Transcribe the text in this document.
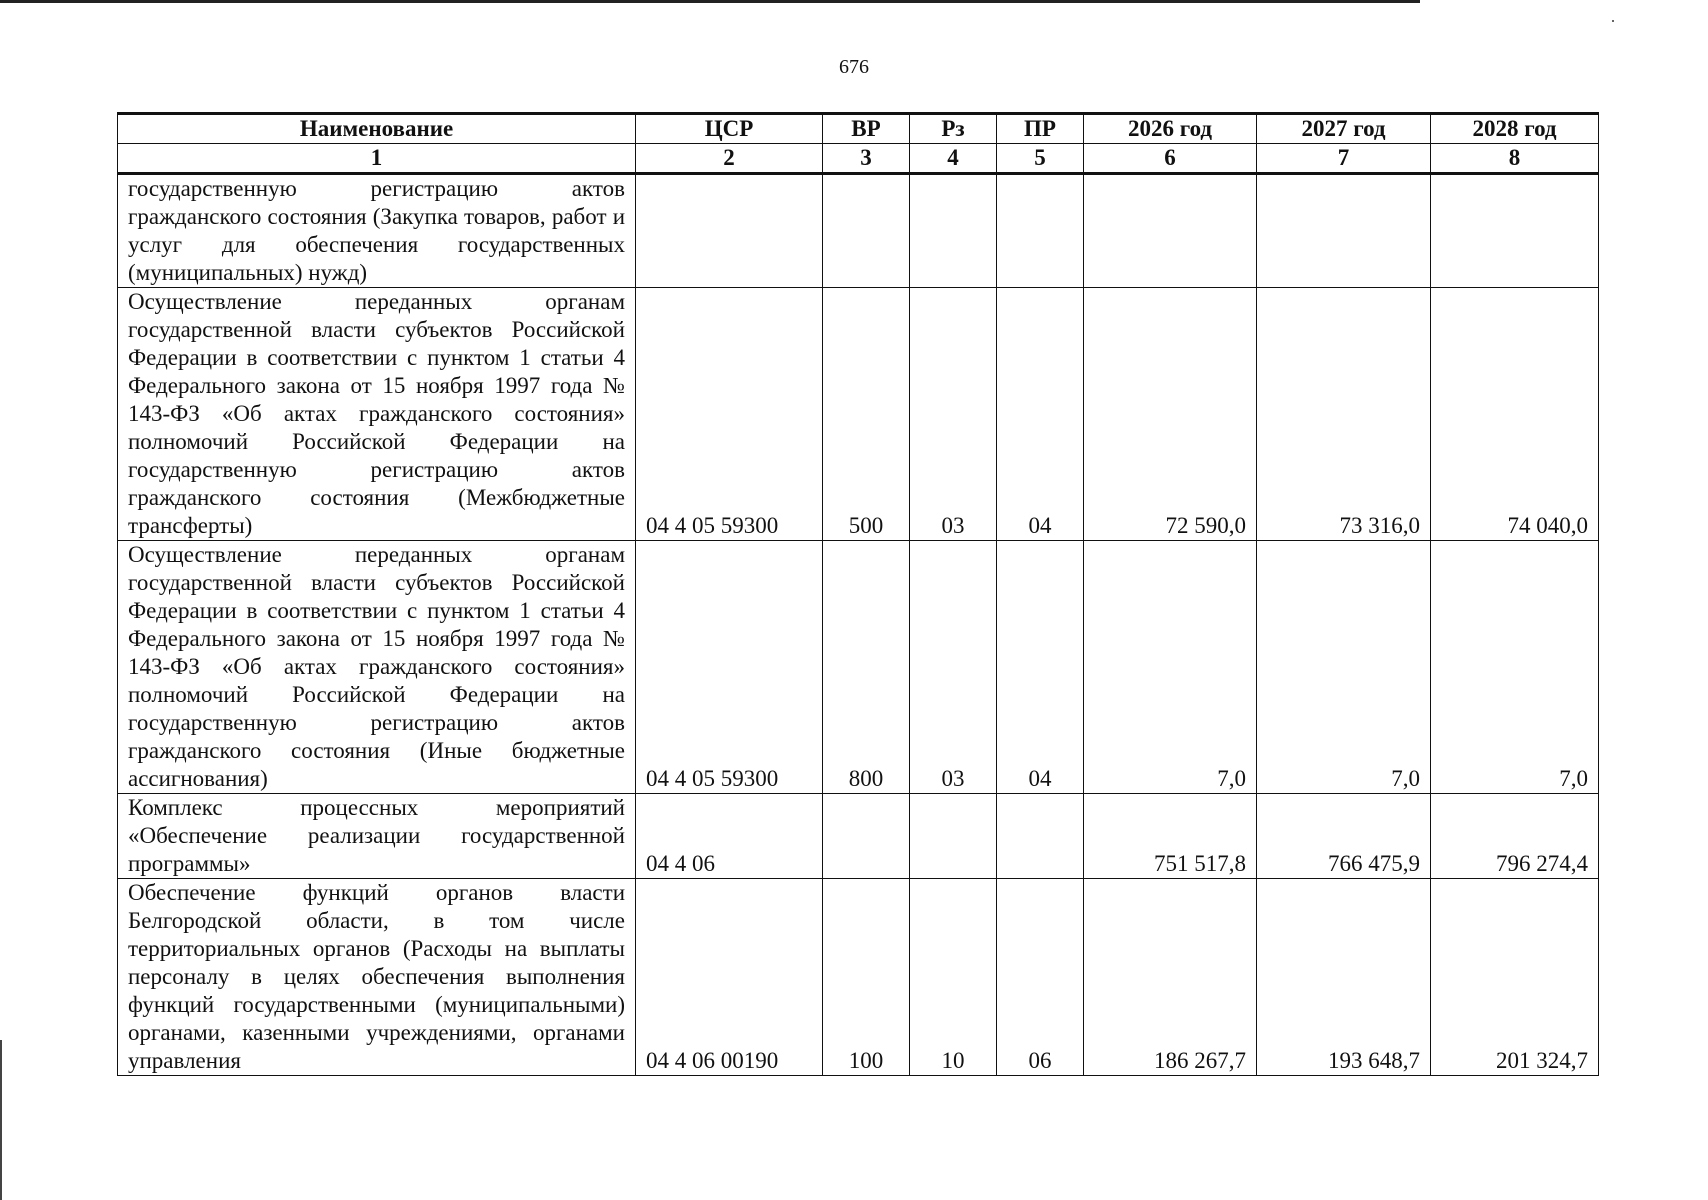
676
Наименование	ЦСР	ВР	Рз	ПР	2026 год	2027 год	2028 год
1	2	3	4	5	6	7	8
государственную регистрацию актов гражданского состояния (Закупка товаров, работ и услуг для обеспечения государственных (муниципальных) нужд)							
Осуществление переданных органам государственной власти субъектов Российской Федерации в соответствии с пунктом 1 статьи 4 Федерального закона от 15 ноября 1997 года № 143-ФЗ «Об актах гражданского состояния» полномочий Российской Федерации на государственную регистрацию актов гражданского состояния (Межбюджетные трансферты)	04 4 05 59300	500	03	04	72 590,0	73 316,0	74 040,0
Осуществление переданных органам государственной власти субъектов Российской Федерации в соответствии с пунктом 1 статьи 4 Федерального закона от 15 ноября 1997 года № 143-ФЗ «Об актах гражданского состояния» полномочий Российской Федерации на государственную регистрацию актов гражданского состояния (Иные бюджетные ассигнования)	04 4 05 59300	800	03	04	7,0	7,0	7,0
Комплекс процессных мероприятий «Обеспечение реализации государственной программы»	04 4 06				751 517,8	766 475,9	796 274,4
Обеспечение функций органов власти Белгородской области, в том числе территориальных органов (Расходы на выплаты персоналу в целях обеспечения выполнения функций государственными (муниципальными) органами, казенными учреждениями, органами управления	04 4 06 00190	100	10	06	186 267,7	193 648,7	201 324,7
